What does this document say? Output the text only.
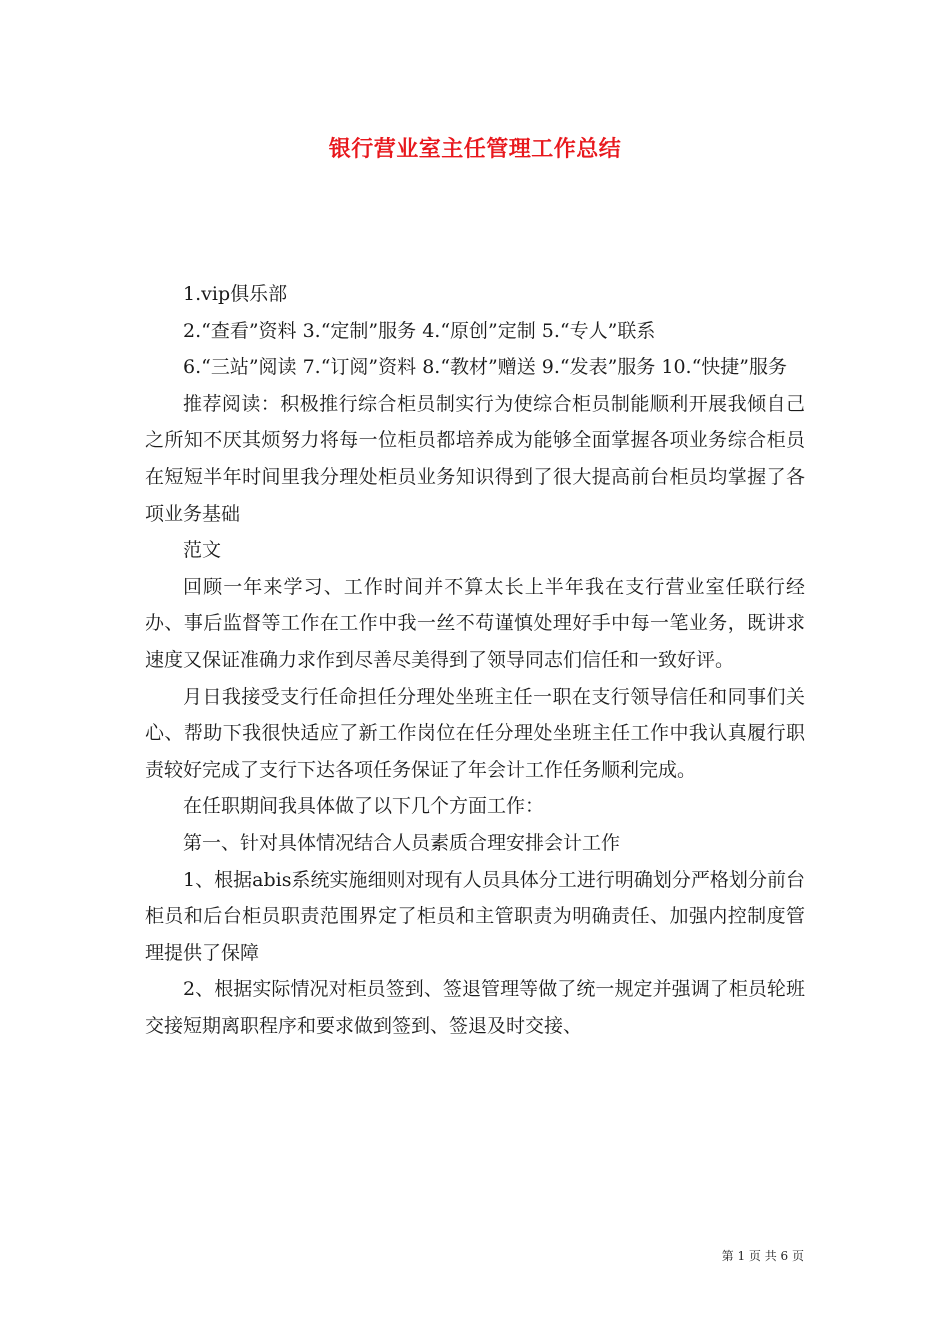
银行营业室主任管理工作总结

1.vip俱乐部

2.“查看”资料 3.“定制”服务 4.“原创”定制 5.“专人”联系

6.“三站”阅读 7.“订阅”资料 8.“教材”赠送 9.“发表”服务 10.“快捷”服务

推荐阅读：积极推行综合柜员制实行为使综合柜员制能顺利开展我倾自己之所知不厌其烦努力将每一位柜员都培养成为能够全面掌握各项业务综合柜员在短短半年时间里我分理处柜员业务知识得到了很大提高前台柜员均掌握了各项业务基础

范文

回顾一年来学习、工作时间并不算太长上半年我在支行营业室任联行经办、事后监督等工作在工作中我一丝不苟谨慎处理好手中每一笔业务，既讲求速度又保证准确力求作到尽善尽美得到了领导同志们信任和一致好评。

月日我接受支行任命担任分理处坐班主任一职在支行领导信任和同事们关心、帮助下我很快适应了新工作岗位在任分理处坐班主任工作中我认真履行职责较好完成了支行下达各项任务保证了年会计工作任务顺利完成。

在任职期间我具体做了以下几个方面工作：

第一、针对具体情况结合人员素质合理安排会计工作

1、根据abis系统实施细则对现有人员具体分工进行明确划分严格划分前台柜员和后台柜员职责范围界定了柜员和主管职责为明确责任、加强内控制度管理提供了保障

2、根据实际情况对柜员签到、签退管理等做了统一规定并强调了柜员轮班交接短期离职程序和要求做到签到、签退及时交接、

第 1 页 共 6 页
